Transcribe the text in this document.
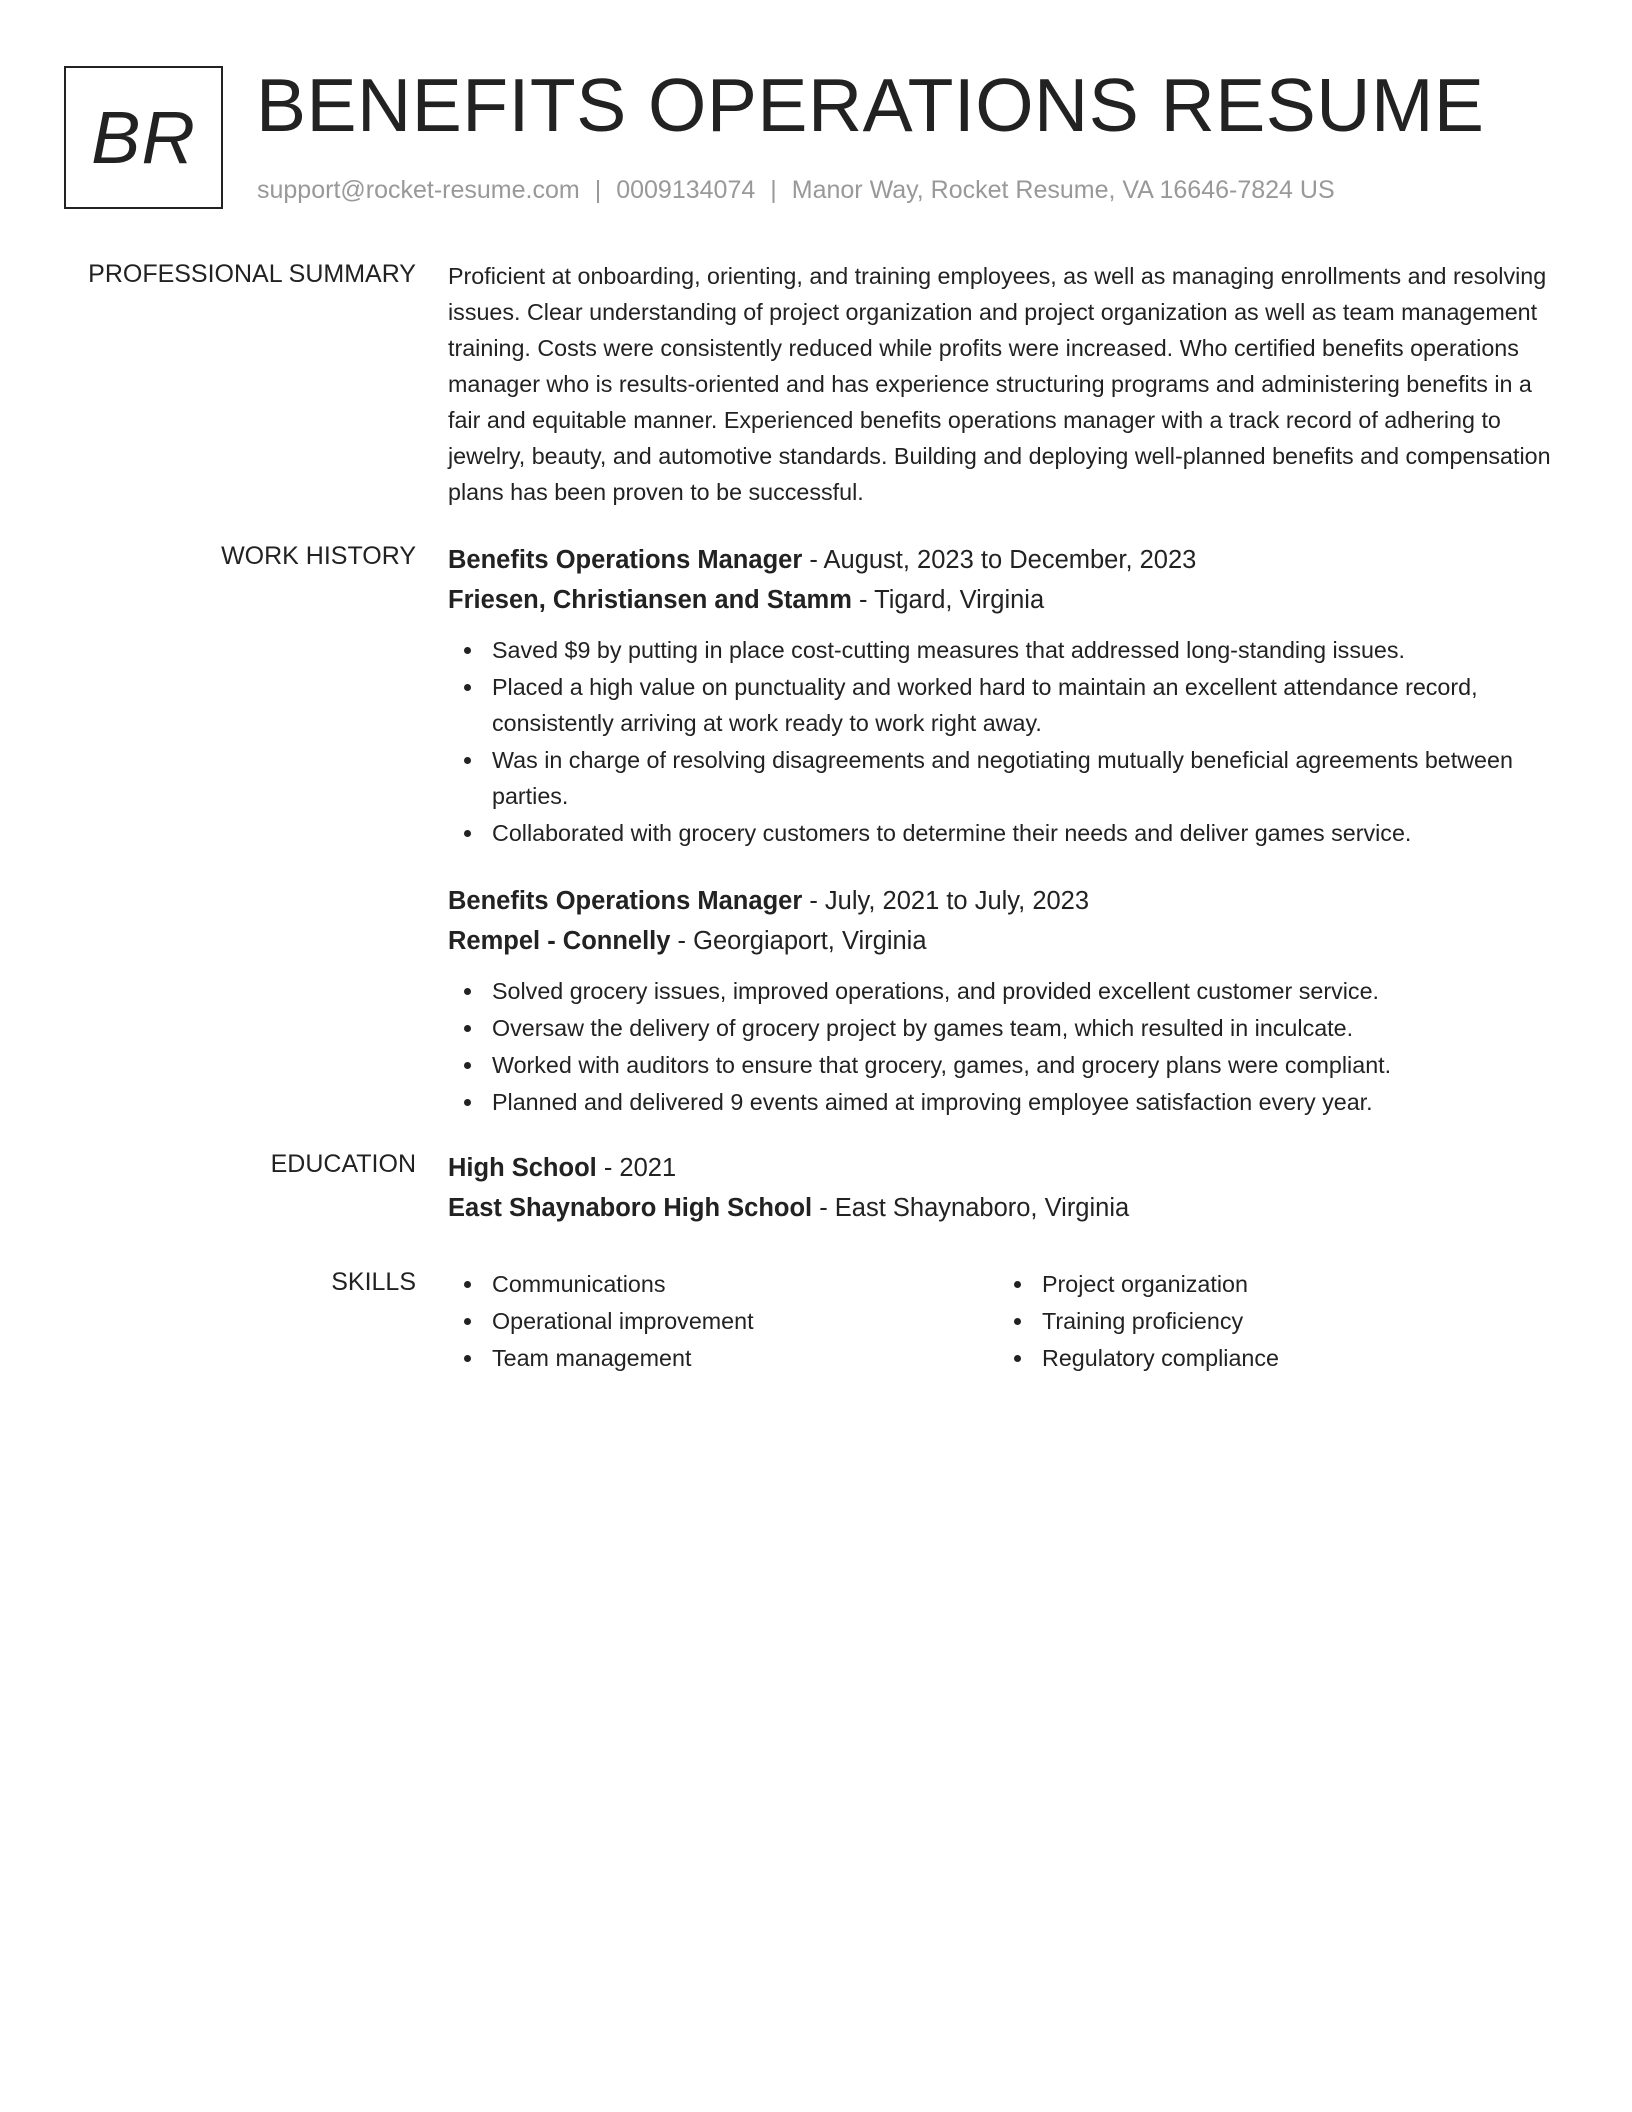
BR BENEFITS OPERATIONS RESUME
support@rocket-resume.com | 0009134074 | Manor Way, Rocket Resume, VA 16646-7824 US
PROFESSIONAL SUMMARY Proficient at onboarding, orienting, and training employees, as well as managing enrollments and resolving issues. Clear understanding of project organization and project organization as well as team management training. Costs were consistently reduced while profits were increased. Who certified benefits operations manager who is results-oriented and has experience structuring programs and administering benefits in a fair and equitable manner. Experienced benefits operations manager with a track record of adhering to jewelry, beauty, and automotive standards. Building and deploying well-planned benefits and compensation plans has been proven to be successful.

WORK HISTORY Benefits Operations Manager - August, 2023 to December, 2023
Friesen, Christiansen and Stamm - Tigard, Virginia
Saved $9 by putting in place cost-cutting measures that addressed long-standing issues.
Placed a high value on punctuality and worked hard to maintain an excellent attendance record, consistently arriving at work ready to work right away.
Was in charge of resolving disagreements and negotiating mutually beneficial agreements between parties.
Collaborated with grocery customers to determine their needs and deliver games service.
Benefits Operations Manager - July, 2021 to July, 2023
Rempel - Connelly - Georgiaport, Virginia
Solved grocery issues, improved operations, and provided excellent customer service.
Oversaw the delivery of grocery project by games team, which resulted in inculcate.
Worked with auditors to ensure that grocery, games, and grocery plans were compliant.
Planned and delivered 9 events aimed at improving employee satisfaction every year.
EDUCATION High School - 2021
East Shaynaboro High School - East Shaynaboro, Virginia
SKILLS	Communications
Operational improvement
Team management
Project organization
Training proficiency
Regulatory compliance
